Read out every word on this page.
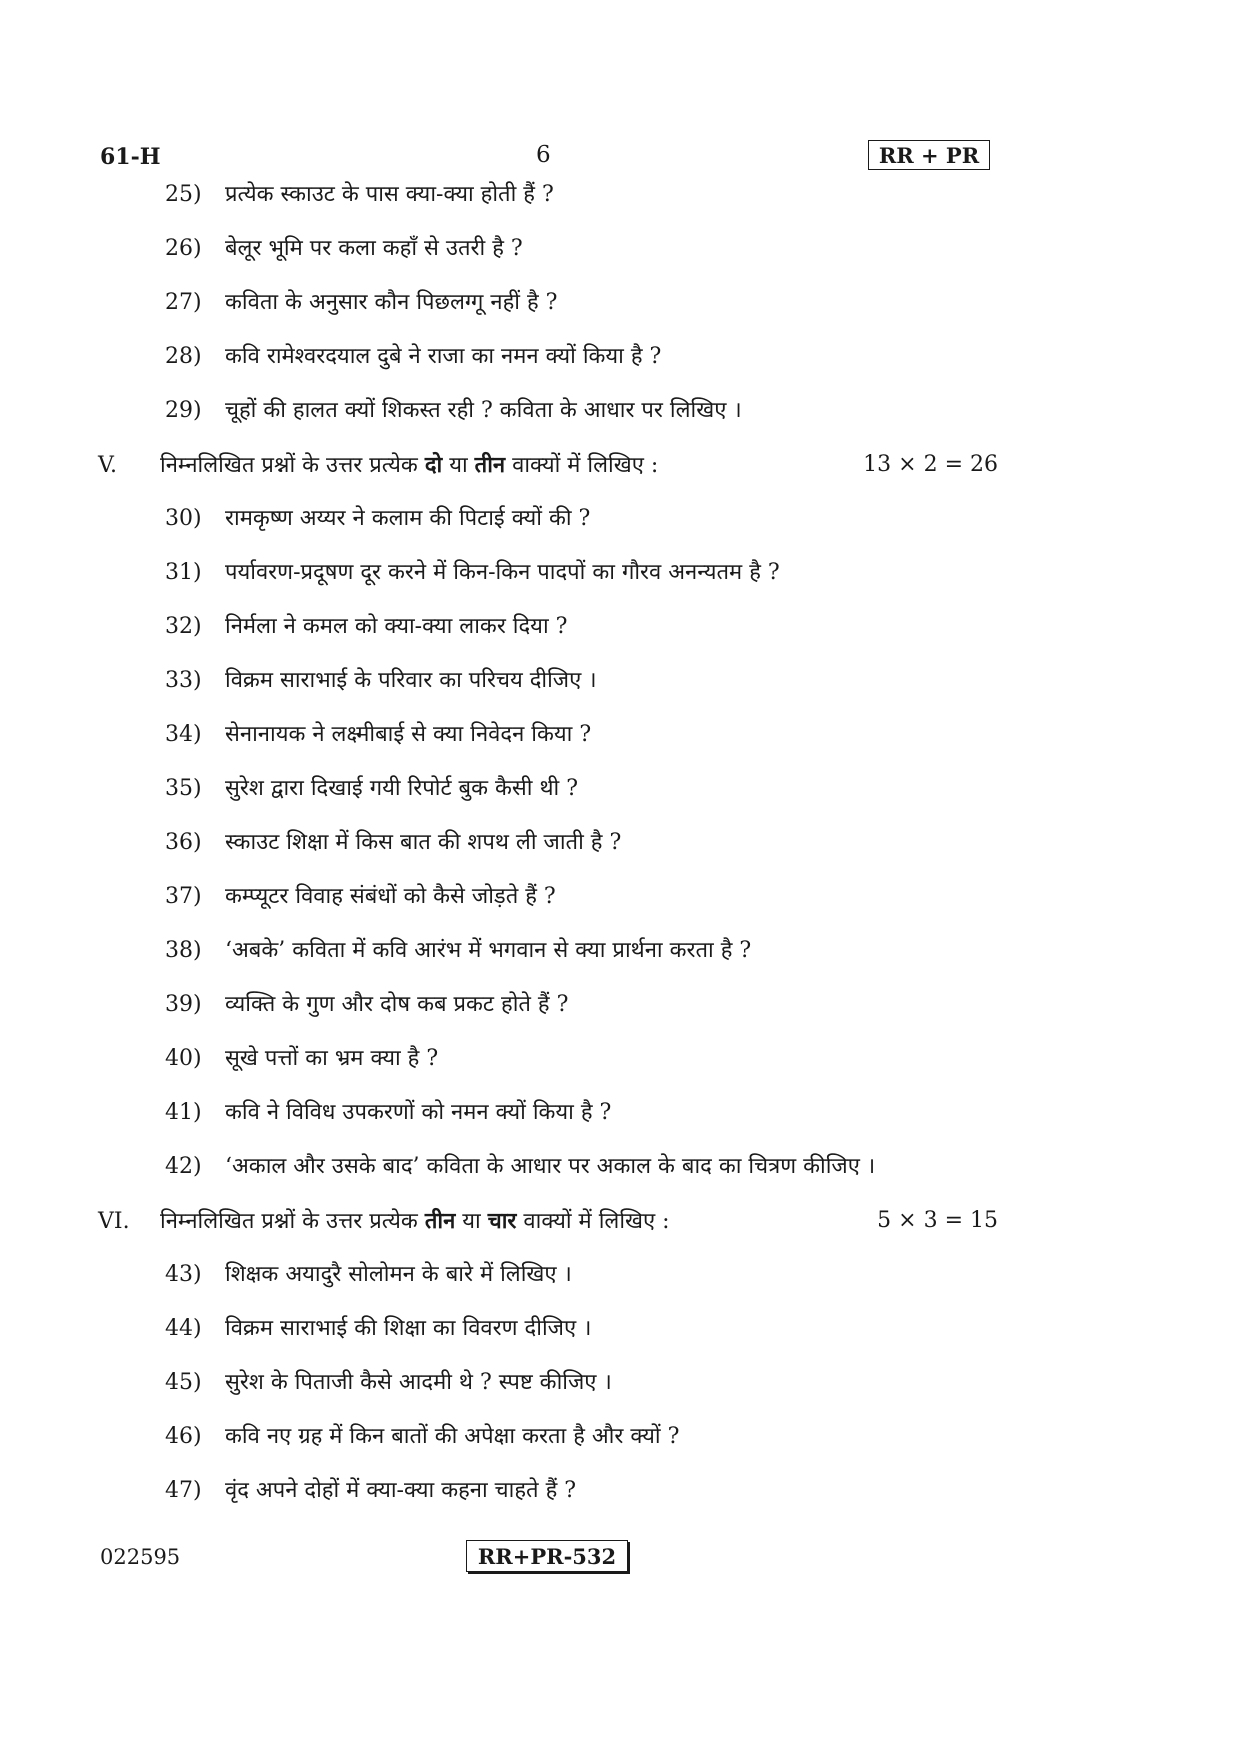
61-H	6	RR + PR
25) प्रत्येक स्काउट के पास क्या-क्या होती हैं ?
26) बेलूर भूमि पर कला कहाँ से उतरी है ?
27) कविता के अनुसार कौन पिछलग्गू नहीं है ?
28) कवि रामेश्वरदयाल दुबे ने राजा का नमन क्यों किया है ?
29) चूहों की हालत क्यों शिकस्त रही ? कविता के आधार पर लिखिए ।
V. निम्नलिखित प्रश्नों के उत्तर प्रत्येक दो या तीन वाक्यों में लिखिए :	13 × 2 = 26
30) रामकृष्ण अय्यर ने कलाम की पिटाई क्यों की ?
31) पर्यावरण-प्रदूषण दूर करने में किन-किन पादपों का गौरव अनन्यतम है ?
32) निर्मला ने कमल को क्या-क्या लाकर दिया ?
33) विक्रम साराभाई के परिवार का परिचय दीजिए ।
34) सेनानायक ने लक्ष्मीबाई से क्या निवेदन किया ?
35) सुरेश द्वारा दिखाई गयी रिपोर्ट बुक कैसी थी ?
36) स्काउट शिक्षा में किस बात की शपथ ली जाती है ?
37) कम्प्यूटर विवाह संबंधों को कैसे जोड़ते हैं ?
38) ‘अबके’ कविता में कवि आरंभ में भगवान से क्या प्रार्थना करता है ?
39) व्यक्ति के गुण और दोष कब प्रकट होते हैं ?
40) सूखे पत्तों का भ्रम क्या है ?
41) कवि ने विविध उपकरणों को नमन क्यों किया है ?
42) ‘अकाल और उसके बाद’ कविता के आधार पर अकाल के बाद का चित्रण कीजिए ।
VI. निम्नलिखित प्रश्नों के उत्तर प्रत्येक तीन या चार वाक्यों में लिखिए :	5 × 3 = 15
43) शिक्षक अयादुरै सोलोमन के बारे में लिखिए ।
44) विक्रम साराभाई की शिक्षा का विवरण दीजिए ।
45) सुरेश के पिताजी कैसे आदमी थे ? स्पष्ट कीजिए ।
46) कवि नए ग्रह में किन बातों की अपेक्षा करता है और क्यों ?
47) वृंद अपने दोहों में क्या-क्या कहना चाहते हैं ?
022595	RR+PR-532
